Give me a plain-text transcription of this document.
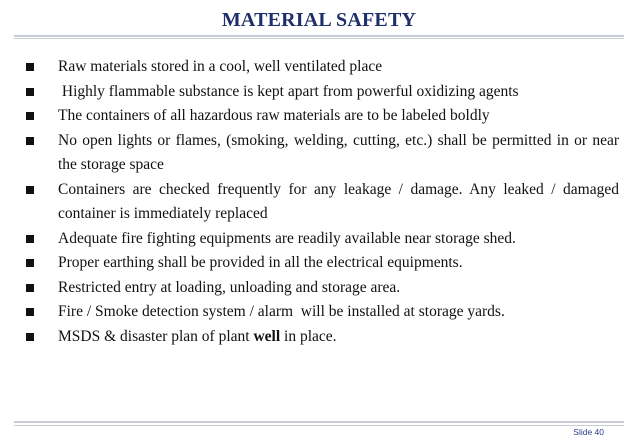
MATERIAL SAFETY
Raw materials stored in a cool, well ventilated place
Highly flammable substance is kept apart from powerful oxidizing agents
The containers of all hazardous raw materials are to be labeled boldly
No open lights or flames, (smoking, welding, cutting, etc.) shall be permitted in or near the storage space
Containers are checked frequently for any leakage / damage. Any leaked / damaged container is immediately replaced
Adequate fire fighting equipments are readily available near storage shed.
Proper earthing shall be provided in all the electrical equipments.
Restricted entry at loading, unloading and storage area.
Fire / Smoke detection system / alarm  will be installed at storage yards.
MSDS & disaster plan of plant well in place.
Slide 40
